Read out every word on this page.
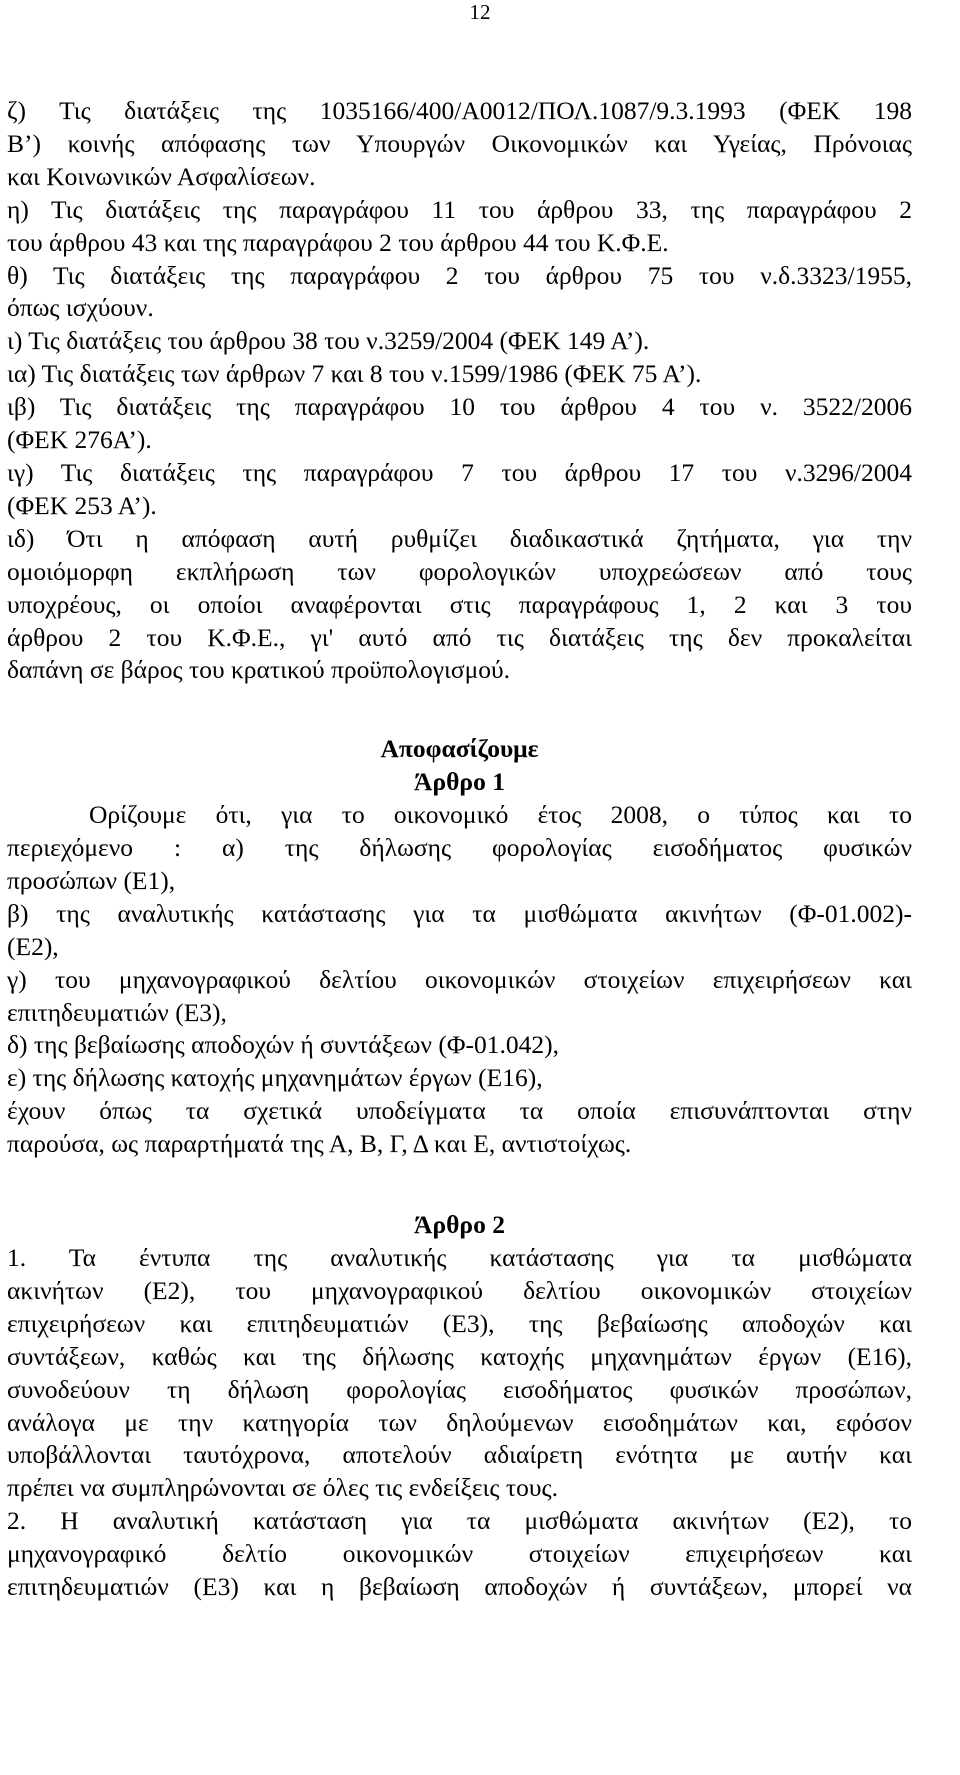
12
ζ) Τις διατάξεις της 1035166/400/Α0012/ΠΟΛ.1087/9.3.1993 (ΦΕΚ 198
Β’) κοινής απόφασης των Υπουργών Οικονομικών και Υγείας, Πρόνοιας
και Κοινωνικών Ασφαλίσεων.
η) Τις διατάξεις της παραγράφου 11 του άρθρου 33, της παραγράφου 2
του άρθρου 43 και της παραγράφου 2 του άρθρου 44 του Κ.Φ.Ε.
θ) Τις διατάξεις της παραγράφου 2 του άρθρου 75 του ν.δ.3323/1955,
όπως ισχύουν.
ι) Τις διατάξεις του άρθρου 38 του ν.3259/2004 (ΦΕΚ 149 Α’).
ια) Τις διατάξεις των άρθρων 7 και 8 του ν.1599/1986 (ΦΕΚ 75 Α’).
ιβ) Τις διατάξεις της παραγράφου 10 του άρθρου 4 του ν. 3522/2006
(ΦΕΚ 276Α’).
ιγ) Τις διατάξεις της παραγράφου 7 του άρθρου 17 του ν.3296/2004
(ΦΕΚ 253 Α’).
ιδ) Ότι η απόφαση αυτή ρυθμίζει διαδικαστικά ζητήματα, για την
ομοιόμορφη εκπλήρωση των φορολογικών υποχρεώσεων από τους
υποχρέους, οι οποίοι αναφέρονται στις παραγράφους 1, 2 και 3 του
άρθρου 2 του Κ.Φ.Ε., γι' αυτό από τις διατάξεις της δεν προκαλείται
δαπάνη σε βάρος του κρατικού προϋπολογισμού.
Αποφασίζουμε
Άρθρο 1
Ορίζουμε ότι, για το οικονομικό έτος 2008, ο τύπος και το
περιεχόμενο : α) της δήλωσης φορολογίας εισοδήματος φυσικών
προσώπων (Ε1),
β) της αναλυτικής κατάστασης για τα μισθώματα ακινήτων (Φ-01.002)-
(Ε2),
γ) του μηχανογραφικού δελτίου οικονομικών στοιχείων επιχειρήσεων και
επιτηδευματιών (Ε3),
δ) της βεβαίωσης αποδοχών ή συντάξεων (Φ-01.042),
ε) της δήλωσης κατοχής μηχανημάτων έργων (Ε16),
έχουν όπως τα σχετικά υποδείγματα τα οποία επισυνάπτονται στην
παρούσα, ως παραρτήματά της Α, Β, Γ, Δ και Ε, αντιστοίχως.
Άρθρο 2
1. Τα έντυπα της αναλυτικής κατάστασης για τα μισθώματα
ακινήτων (Ε2), του μηχανογραφικού δελτίου οικονομικών στοιχείων
επιχειρήσεων και επιτηδευματιών (Ε3), της βεβαίωσης αποδοχών και
συντάξεων, καθώς και της δήλωσης κατοχής μηχανημάτων έργων (Ε16),
συνοδεύουν τη δήλωση φορολογίας εισοδήματος φυσικών προσώπων,
ανάλογα με την κατηγορία των δηλούμενων εισοδημάτων και, εφόσον
υποβάλλονται ταυτόχρονα, αποτελούν αδιαίρετη ενότητα με αυτήν και
πρέπει να συμπληρώνονται σε όλες τις ενδείξεις τους.
2. Η αναλυτική κατάσταση για τα μισθώματα ακινήτων (Ε2), το
μηχανογραφικό δελτίο οικονομικών στοιχείων επιχειρήσεων και
επιτηδευματιών (Ε3) και η βεβαίωση αποδοχών ή συντάξεων, μπορεί να
